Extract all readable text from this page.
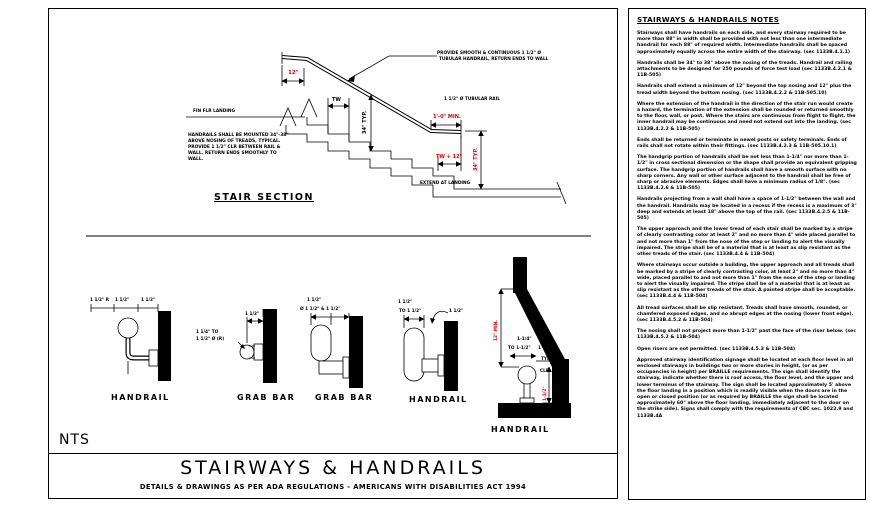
PROVIDE SMOOTH & CONTINUOUS 1 1/2" Ø
TUBULAR HANDRAIL, RETURN ENDS TO WALL
12"
1 1/2" Ø TUBULAR RAIL
1'-0" MIN.
TW
34" TYP.
TW + 12" 34" TYP.
EXTEND AT LANDING
FIN FLR LANDING
HANDRAILS SHALL BE MOUNTED 34"-38"
ABOVE NOSING OF TREADS, TYPICAL.
PROVIDE 1 1/2" CLR BETWEEN RAIL &
WALL. RETURN ENDS SMOOTHLY TO
WALL.
STAIR SECTION
1 1/2" R 1 1/2"	1 1/2"
HANDRAIL
1 1/2"
1 1/4" TO
1 1/2" Ø (R)
GRAB BAR
1 1/2"
Ø 1 1/2" & 1 1/2"
GRAB BAR
1 1/2"
TO 1 1/2"	1 1/2"
HANDRAIL
1-1/4"
TO 1-1/2" 1 1/2"
TYP
CLR.
12" MIN.
1-1/2"
HANDRAIL
NTS
STAIRWAYS & HANDRAILS
DETAILS & DRAWINGS AS PER ADA REGULATIONS - AMERICANS WITH DISABILITIES ACT 1994
STAIRWAYS & HANDRAILS NOTES

Stairways shall have handrails on each side, and every stairway required to be more than 88" in width shall be provided with not less than one intermediate handrail for each 88" of required width. Intermediate handrails shall be spaced approximately equally across the entire width of the stairway. (sec 1133B.4.1.1)

Handrails shall be 34" to 38" above the nosing of the treads. Handrail and railing attachments to be designed for 250 pounds of force test load (sec 1133B.4.2.1 & 11B-505)

Handrails shall extend a minimum of 12" beyond the top nosing and 12" plus the tread width beyond the bottom nosing. (sec 1133B.4.2.2 & 11B-505.10)

Where the extension of the handrail in the direction of the stair run would create a hazard, the termination of the extension shall be rounded or returned smoothly to the floor, wall, or post. Where the stairs are continuous from flight to flight, the inner handrail may be continuous and need not extend out into the landing. (sec 1133B.4.2.2 & 11B-505)

Ends shall be returned or terminate in newel posts or safety terminals. Ends of rails shall not rotate within their fittings. (sec 1133B.4.2.3 & 11B-505.10.1)

The handgrip portion of handrails shall be not less than 1-1/4" nor more than 1-1/2" in cross sectional dimension or the shape shall provide an equivalent gripping surface. The handgrip portion of handrails shall have a smooth surface with no sharp corners. Any wall or other surface adjacent to the handrail shall be free of sharp or abrasive elements. Edges shall have a minimum radius of 1/8". (sec 1133B.4.2.6 & 11B-505)

Handrails projecting from a wall shall have a space of 1-1/2" between the wall and the handrail. Handrails may be located in a recess if the recess is a maximum of 3" deep and extends at least 18" above the top of the rail. (sec 1133B.4.2.5 & 11B-505)

The upper approach and the lower tread of each stair shall be marked by a stripe of clearly contrasting color at least 2" and no more than 4" wide placed parallel to and not more than 1" from the nose of the step or landing to alert the visually impaired. The stripe shall be of a material that is at least as slip resistant as the other treads of the stair. (sec 1133B.4.4 & 11B-504)

Where stairways occur outside a building, the upper approach and all treads shall be marked by a stripe of clearly contrasting color, at least 2" and no more than 4" wide, placed parallel to and not more than 1" from the nose of the step or landing to alert the visually impaired. The stripe shall be of a material that is at least as slip resistant as the other treads of the stair. A painted stripe shall be acceptable. (sec 1133B.4.4 & 11B-504)

All tread surfaces shall be slip resistant. Treads shall have smooth, rounded, or chamfered exposed edges, and no abrupt edges at the nosing (lower front edge). (sec 1133B.4.5.2 & 11B-504)

The nosing shall not project more than 1-1/2" past the face of the riser below. (sec 1133B.4.5.2 & 11B-504)

Open risers are not permitted. (sec 1133B.4.5.3 & 11B-504)

Approved stairway identification signage shall be located at each floor level in all enclosed stairways in buildings two or more stories in height, (or as per occupancies in height) per BRAILLE requirements. The sign shall identify the stairway, indicate whether there is roof access, the floor level, and the upper and lower terminus of the stairway. The sign shall be located approximately 5' above the floor landing in a position which is readily visible when the doors are in the open or closed position (or as required by BRAILLE the sign shall be located approximately 60" above the floor landing, immediately adjacent to the door on the strike side). Signs shall comply with the requirements of CBC sec. 1022.9 and 1133B.4A
